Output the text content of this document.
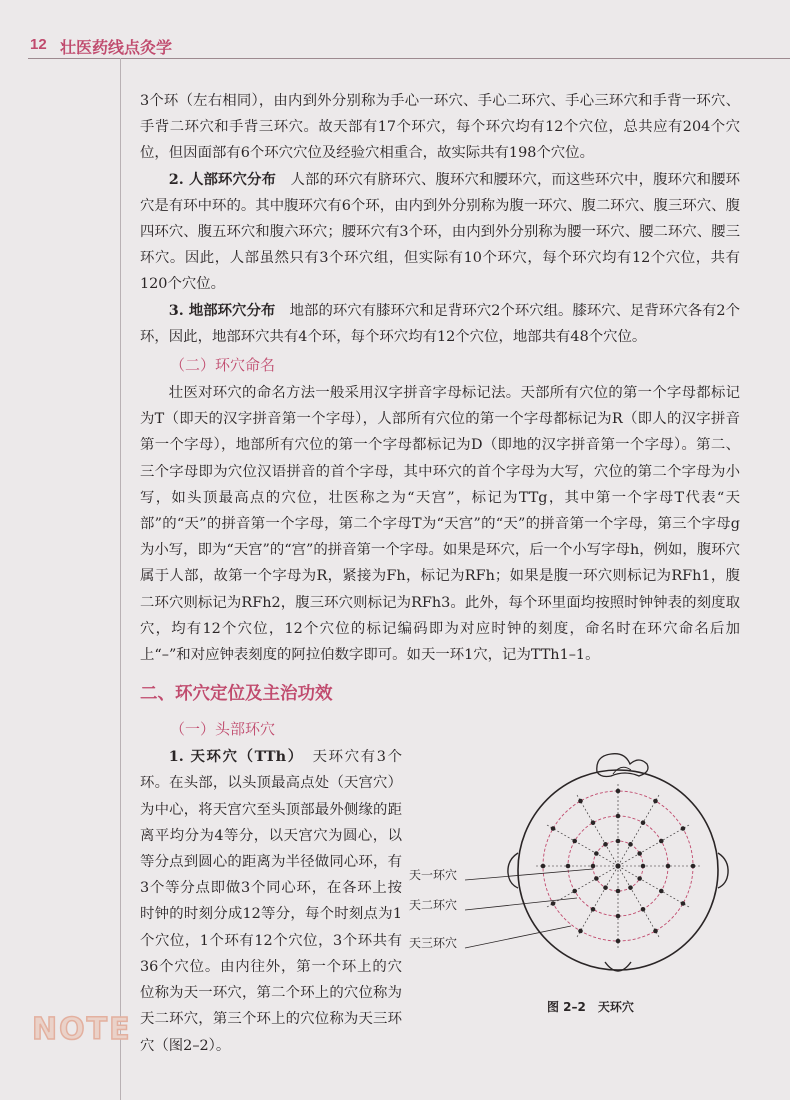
12 壮医药线点灸学

3个环（左右相同），由内到外分别称为手心一环穴、手心二环穴、手心三环穴和手背一环穴、手背二环穴和手背三环穴。故天部有17个环穴，每个环穴均有12个穴位，总共应有204个穴位，但因面部有6个环穴穴位及经验穴相重合，故实际共有198个穴位。

2. 人部环穴分布　 人部的环穴有脐环穴、腹环穴和腰环穴，而这些环穴中，腹环穴和腰环穴是有环中环的。其中腹环穴有6个环，由内到外分别称为腹一环穴、腹二环穴、腹三环穴、腹四环穴、腹五环穴和腹六环穴；腰环穴有3个环，由内到外分别称为腰一环穴、腰二环穴、腰三环穴。因此，人部虽然只有3个环穴组，但实际有10个环穴，每个环穴均有12个穴位，共有120个穴位。

3. 地部环穴分布　 地部的环穴有膝环穴和足背环穴2个环穴组。膝环穴、足背环穴各有2个环，因此，地部环穴共有4个环，每个环穴均有12个穴位，地部共有48个穴位。

（二）环穴命名

壮医对环穴的命名方法一般采用汉字拼音字母标记法。天部所有穴位的第一个字母都标记为T（即天的汉字拼音第一个字母），人部所有穴位的第一个字母都标记为R（即人的汉字拼音第一个字母），地部所有穴位的第一个字母都标记为D（即地的汉字拼音第一个字母）。第二、三个字母即为穴位汉语拼音的首个字母，其中环穴的首个字母为大写，穴位的第二个字母为小写，如头顶最高点的穴位，壮医称之为“天宫”，标记为TTg，其中第一个字母T代表“天部”的“天”的拼音第一个字母，第二个字母T为“天宫”的“天”的拼音第一个字母，第三个字母g为小写，即为“天宫”的“宫”的拼音第一个字母。如果是环穴，后一个小写字母h，例如，腹环穴属于人部，故第一个字母为R，紧接为Fh，标记为RFh；如果是腹一环穴则标记为RFh1，腹二环穴则标记为RFh2，腹三环穴则标记为RFh3。此外，每个环里面均按照时钟钟表的刻度取穴，均有12个穴位，12个穴位的标记编码即为对应时钟的刻度，命名时在环穴命名后加上“–”和对应钟表刻度的阿拉伯数字即可。如天一环1穴，记为TTh1–1。

二、环穴定位及主治功效
（一）头部环穴

1. 天环穴（TTh）　 天环穴有3个环。在头部，以头顶最高点处（天宫穴）为中心，将天宫穴至头顶部最外侧缘的距离平均分为4等分，以天宫穴为圆心，以等分点到圆心的距离为半径做同心环，有3个等分点即做3个同心环，在各环上按时钟的时刻分成12等分，每个时刻点为1个穴位，1个环有12个穴位，3个环共有36个穴位。由内往外，第一个环上的穴位称为天一环穴，第二个环上的穴位称为天二环穴，第三个环上的穴位称为天三环穴（图2–2）。

天一环穴
天二环穴
天三环穴
图 2–2　天环穴
NOTE
